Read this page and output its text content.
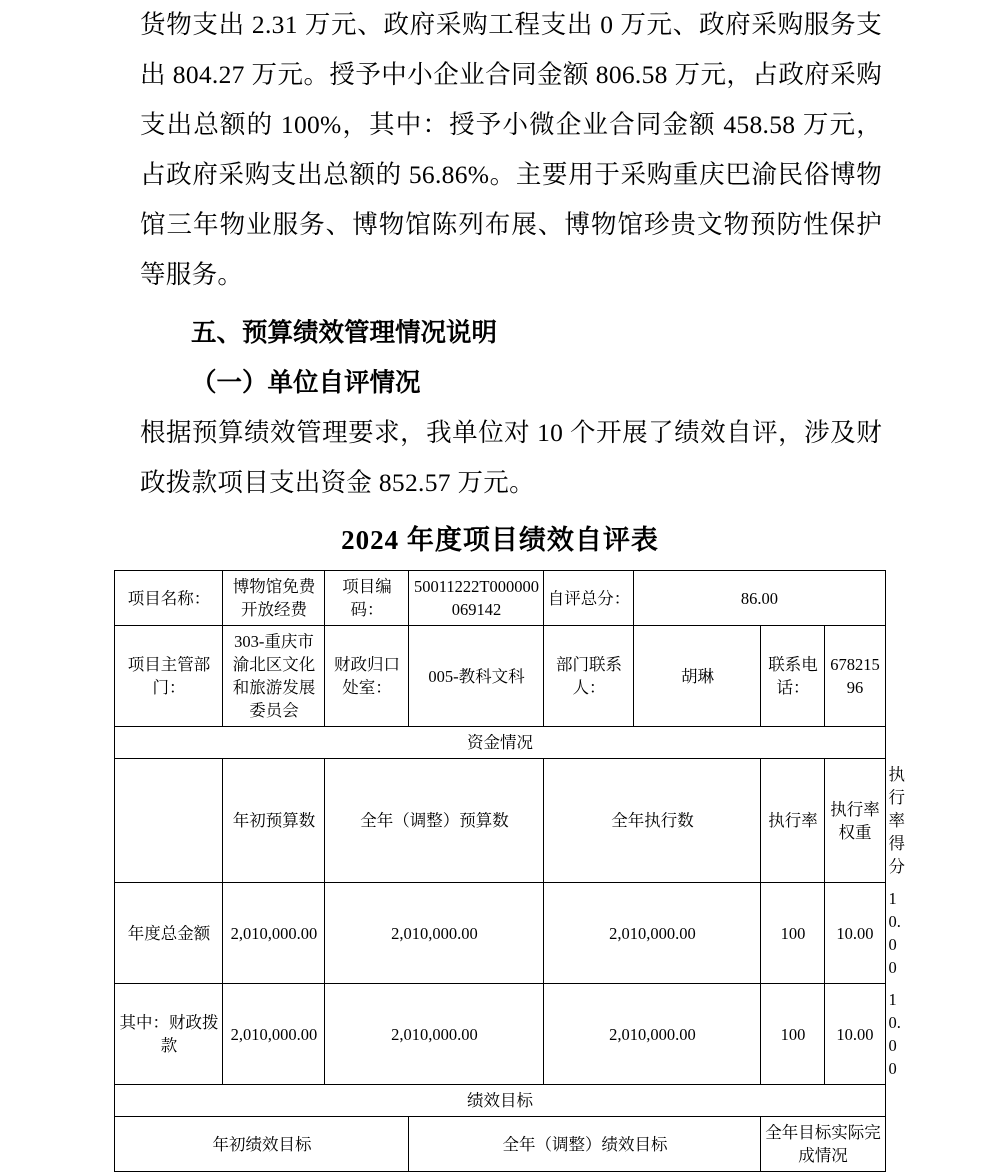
货物支出 2.31 万元、政府采购工程支出 0 万元、政府采购服务支出 804.27 万元。授予中小企业合同金额 806.58 万元，占政府采购支出总额的 100%，其中：授予小微企业合同金额 458.58 万元，占政府采购支出总额的 56.86%。主要用于采购重庆巴渝民俗博物馆三年物业服务、博物馆陈列布展、博物馆珍贵文物预防性保护等服务。

五、预算绩效管理情况说明
（一）单位自评情况

根据预算绩效管理要求，我单位对 10 个开展了绩效自评，涉及财政拨款项目支出资金 852.57 万元。

2024 年度项目绩效自评表
项目名称：	博物馆免费开放经费	项目编码：	50011222T000000069142	自评总分：	86.00			
项目主管部门：	303-重庆市渝北区文化和旅游发展委员会	财政归口处室：	005-教科文科	部门联系人：	胡琳	联系电话：	67821596	
资金情况								
	年初预算数	全年（调整）预算数		全年执行数		执行率	执行率权重	执行率得分
年度总金额	2,010,000.00	2,010,000.00		2,010,000.00		100	10.00	10.00
其中：财政拨款	2,010,000.00	2,010,000.00		2,010,000.00		100	10.00	10.00
绩效目标								
年初绩效目标			全年（调整）绩效目标			全年目标实际完成情况		
